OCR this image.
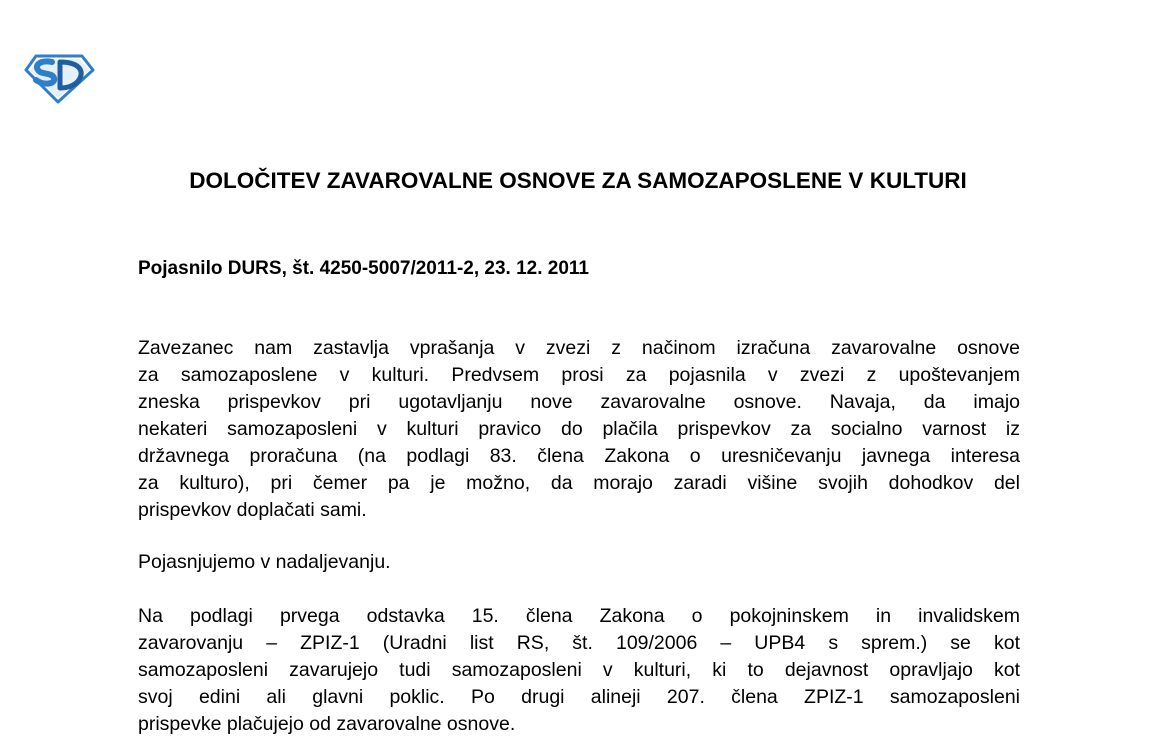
DOLOČITEV ZAVAROVALNE OSNOVE ZA SAMOZAPOSLENE V KULTURI

Pojasnilo DURS, št. 4250-5007/2011-2, 23. 12. 2011

Zavezanec nam zastavlja vprašanja v zvezi z načinom izračuna zavarovalne osnove
za samozaposlene v kulturi. Predvsem prosi za pojasnila v zvezi z upoštevanjem
zneska prispevkov pri ugotavljanju nove zavarovalne osnove. Navaja, da imajo
nekateri samozaposleni v kulturi pravico do plačila prispevkov za socialno varnost iz
državnega proračuna (na podlagi 83. člena Zakona o uresničevanju javnega interesa
za kulturo), pri čemer pa je možno, da morajo zaradi višine svojih dohodkov del
prispevkov doplačati sami.
Pojasnjujemo v nadaljevanju.
Na podlagi prvega odstavka 15. člena Zakona o pokojninskem in invalidskem
zavarovanju – ZPIZ-1 (Uradni list RS, št. 109/2006 – UPB4 s sprem.) se kot
samozaposleni zavarujejo tudi samozaposleni v kulturi, ki to dejavnost opravljajo kot
svoj edini ali glavni poklic. Po drugi alineji 207. člena ZPIZ-1 samozaposleni
prispevke plačujejo od zavarovalne osnove.
